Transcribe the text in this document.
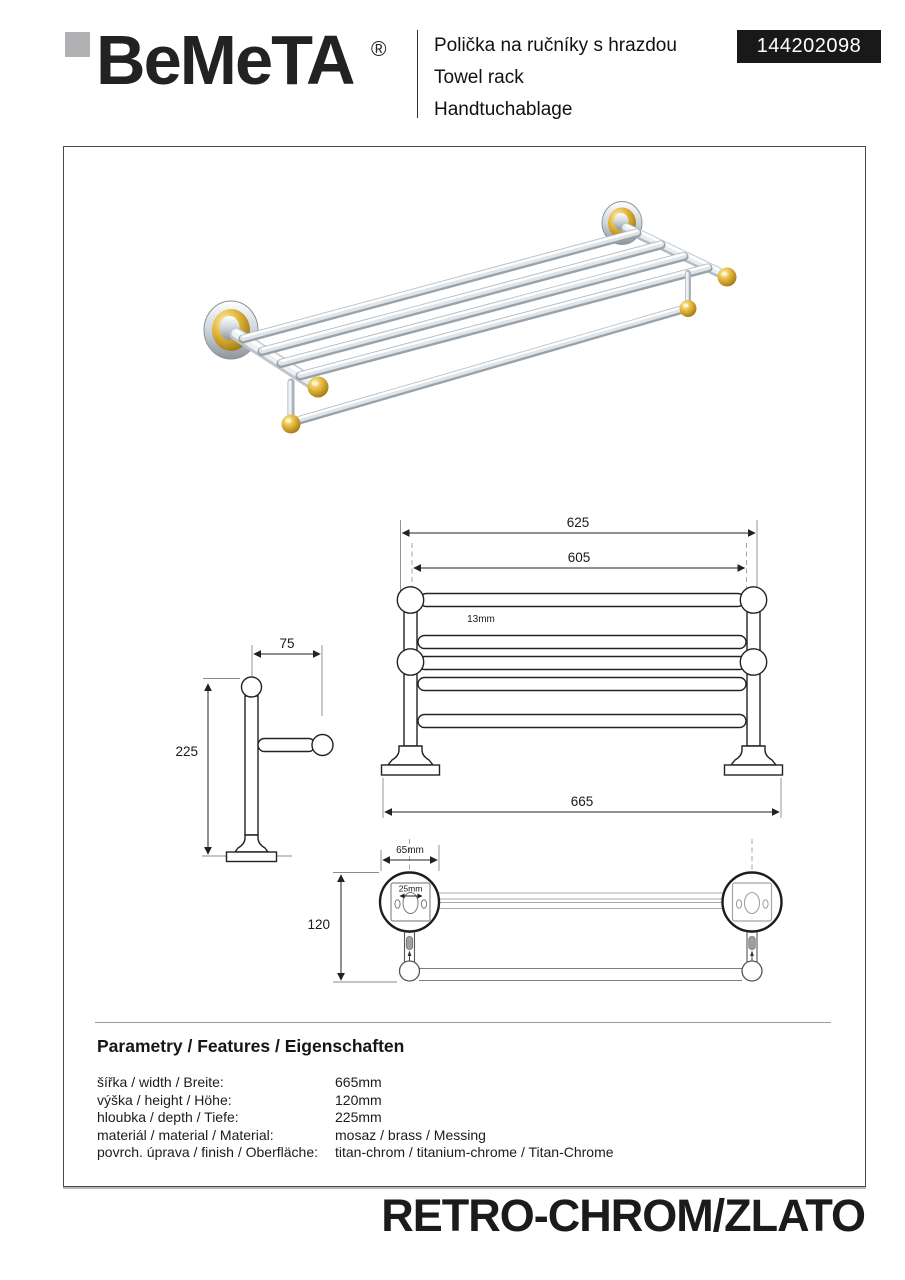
BeMeTA ®	Polička na ručníky s hrazdou
Towel rack
Handtuchablage
144202098
625
605
665
13mm
75
225
65mm
120
25mm
Parametry / Features / Eigenschaften
šířka / width / Breite:	665mm
výška / height / Höhe:	120mm
hloubka / depth / Tiefe:	225mm
materiál / material / Material:	mosaz / brass / Messing
povrch. úprava / finish / Oberfläche:	titan-chrom / titanium-chrome / Titan-Chrome
RETRO-CHROM/ZLATO
